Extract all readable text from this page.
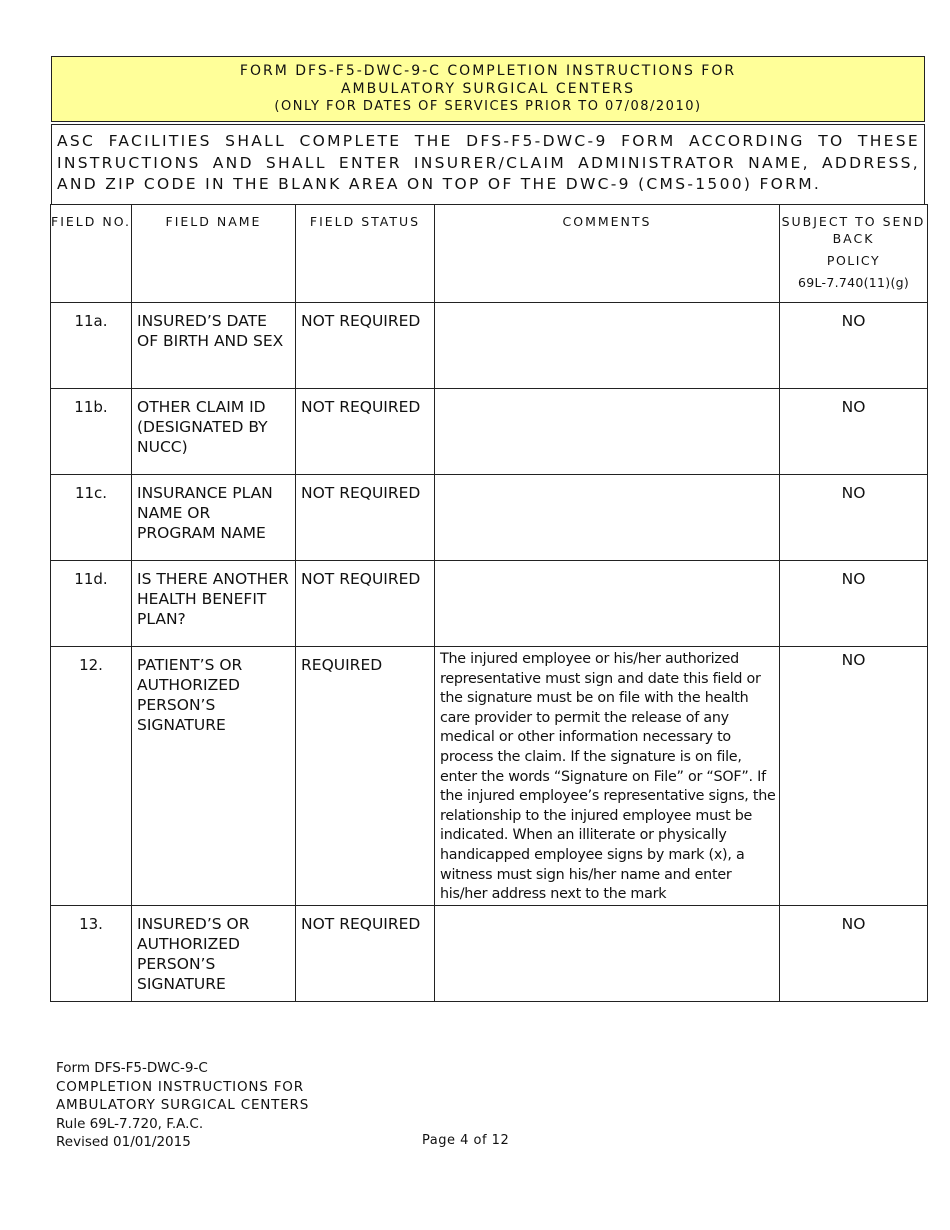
FORM DFS-F5-DWC-9-C COMPLETION INSTRUCTIONS FOR
AMBULATORY SURGICAL CENTERS
(ONLY FOR DATES OF SERVICES PRIOR TO 07/08/2010)
ASC FACILITIES SHALL COMPLETE THE DFS-F5-DWC-9 FORM ACCORDING TO THESE INSTRUCTIONS AND SHALL ENTER INSURER/CLAIM ADMINISTRATOR NAME, ADDRESS, AND ZIP CODE IN THE BLANK AREA ON TOP OF THE DWC-9 (CMS-1500) FORM.
FIELD NO.	FIELD NAME	FIELD STATUS	COMMENTS	SUBJECT TO SEND BACK
POLICY
69L-7.740(11)(g)

11a.	INSURED’S DATE OF BIRTH AND SEX	NOT REQUIRED		NO
11b.	OTHER CLAIM ID (DESIGNATED BY NUCC)	NOT REQUIRED		NO
11c.	INSURANCE PLAN NAME OR PROGRAM NAME	NOT REQUIRED		NO
11d.	IS THERE ANOTHER HEALTH BENEFIT PLAN?	NOT REQUIRED		NO
12.	PATIENT’S OR AUTHORIZED PERSON’S SIGNATURE	REQUIRED	The injured employee or his/her authorized representative must sign and date this field or the signature must be on file with the health care provider to permit the release of any medical or other information necessary to process the claim. If the signature is on file, enter the words “Signature on File” or “SOF”. If the injured employee’s representative signs, the relationship to the injured employee must be indicated. When an illiterate or physically handicapped employee signs by mark (x), a witness must sign his/her name and enter his/her address next to the mark	NO
13.	INSURED’S OR AUTHORIZED PERSON’S SIGNATURE	NOT REQUIRED		NO
Form DFS-F5-DWC-9-C
COMPLETION INSTRUCTIONS FOR
AMBULATORY SURGICAL CENTERS
Rule 69L-7.720, F.A.C.
Revised 01/01/2015	Page 4 of 12
